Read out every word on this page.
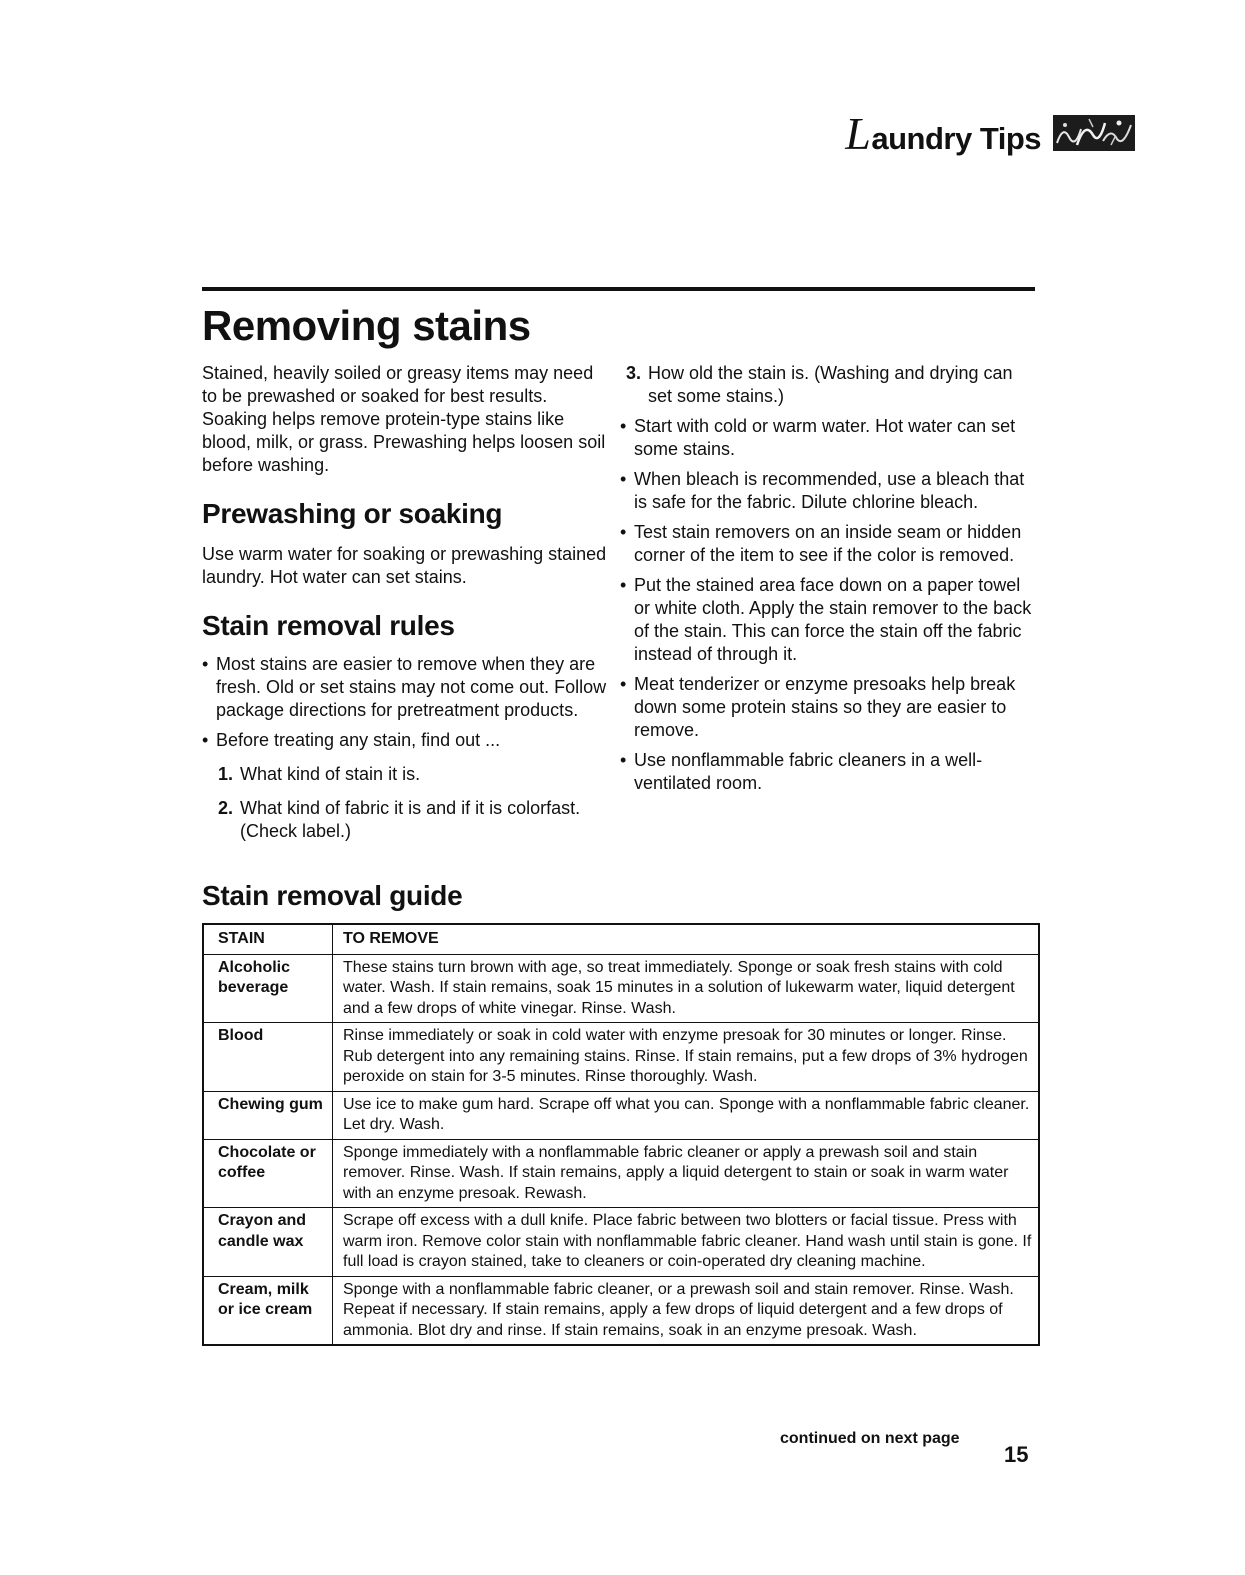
Laundry Tips
Removing stains

Stained, heavily soiled or greasy items may need to be prewashed or soaked for best results. Soaking helps remove protein-type stains like blood, milk, or grass. Prewashing helps loosen soil before washing.

Prewashing or soaking

Use warm water for soaking or prewashing stained laundry. Hot water can set stains.

Stain removal rules
• Most stains are easier to remove when they are fresh. Old or set stains may not come out. Follow package directions for pretreatment products.
• Before treating any stain, find out ...
1. What kind of stain it is.
2. What kind of fabric it is and if it is colorfast. (Check label.)
3. How old the stain is. (Washing and drying can set some stains.)
• Start with cold or warm water. Hot water can set some stains.
• When bleach is recommended, use a bleach that is safe for the fabric. Dilute chlorine bleach.
• Test stain removers on an inside seam or hidden corner of the item to see if the color is removed.
• Put the stained area face down on a paper towel or white cloth. Apply the stain remover to the back of the stain. This can force the stain off the fabric instead of through it.
• Meat tenderizer or enzyme presoaks help break down some protein stains so they are easier to remove.
• Use nonflammable fabric cleaners in a well-ventilated room.
Stain removal guide
STAIN	TO REMOVE
Alcoholic beverage	These stains turn brown with age, so treat immediately. Sponge or soak fresh stains with cold water. Wash. If stain remains, soak 15 minutes in a solution of lukewarm water, liquid detergent and a few drops of white vinegar. Rinse. Wash.
Blood	Rinse immediately or soak in cold water with enzyme presoak for 30 minutes or longer. Rinse. Rub detergent into any remaining stains. Rinse. If stain remains, put a few drops of 3% hydrogen peroxide on stain for 3-5 minutes. Rinse thoroughly. Wash.
Chewing gum	Use ice to make gum hard. Scrape off what you can. Sponge with a nonflammable fabric cleaner. Let dry. Wash.
Chocolate or coffee	Sponge immediately with a nonflammable fabric cleaner or apply a prewash soil and stain remover. Rinse. Wash. If stain remains, apply a liquid detergent to stain or soak in warm water with an enzyme presoak. Rewash.
Crayon and candle wax	Scrape off excess with a dull knife. Place fabric between two blotters or facial tissue. Press with warm iron. Remove color stain with nonflammable fabric cleaner. Hand wash until stain is gone. If full load is crayon stained, take to cleaners or coin-operated dry cleaning machine.
Cream, milk or ice cream	Sponge with a nonflammable fabric cleaner, or a prewash soil and stain remover. Rinse. Wash. Repeat if necessary. If stain remains, apply a few drops of liquid detergent and a few drops of ammonia. Blot dry and rinse. If stain remains, soak in an enzyme presoak. Wash.
continued on next page
15
